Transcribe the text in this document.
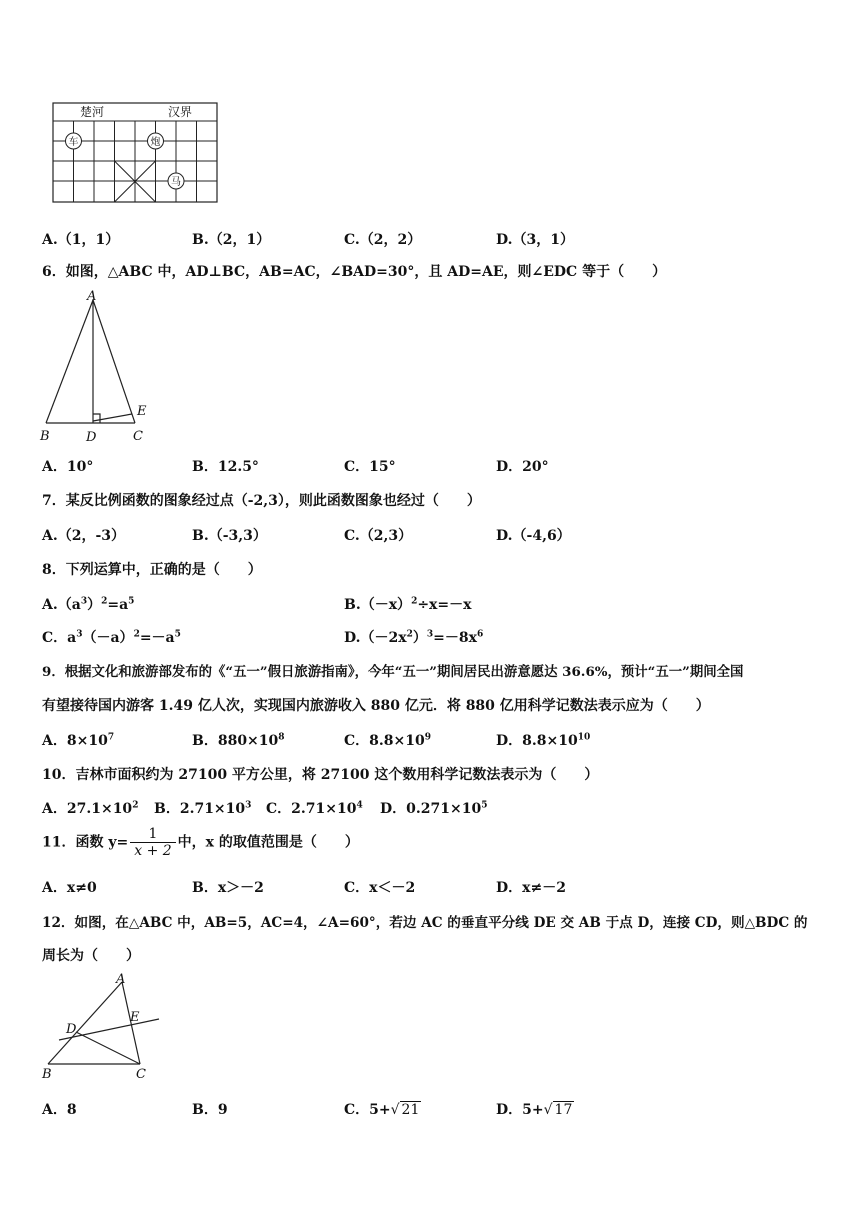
楚河	汉界
车	炮
马
A.（1，1）	B.（2，1）	C.（2，2）	D.（3，1）
6．如图，△ABC 中，AD⊥BC，AB=AC，∠BAD=30°，且 AD=AE，则∠EDC 等于（　　）
A
B	D	C
E
A．10°	B．12.5°	C．15°	D．20°
7．某反比例函数的图象经过点（-2,3），则此函数图象也经过（　　）
A.（2，-3）	B.（-3,3）	C.（2,3）	D.（-4,6）
8．下列运算中，正确的是（　　）
$A.(a^3)^2=a^5$	$B.(-x)^2\div x=-x$
C．$a^3(-a)^2=-a^5$	$D.(-2x^2)^3=-8x^6$
9．根据文化和旅游部发布的《“五一”假日旅游指南》，今年“五一”期间居民出游意愿达 36.6%，预计“五一”期间全国
有望接待国内游客 1.49 亿人次，实现国内旅游收入 880 亿元．将 880 亿用科学记数法表示应为（　　）
A．$8\times 10^7$	B．$880\times 10^8$	C．$8.8\times 10^9$	D．$8.8\times 10^{10}$
10．吉林市面积约为 27100 平方公里，将 27100 这个数用科学记数法表示为（　　）
A．$27.1\times 10^2$ B．$2.71\times 10^3$ C．$2.71\times 10^4$ D．$0.271\times 10^5$
11．函数 $y= \frac{1}{x + 2}$ 中，x 的取值范围是（　　）
A．x≠0	B．x＞－2	C．x＜－2	D．x≠－2
12．如图，在△ABC 中，AB=5，AC=4，∠A=60°，若边 AC 的垂直平分线 DE 交 AB 于点 D，连接 CD，则△BDC 的
周长为（　　）
A
E
D
B	C
A．8	B．9	C．5+√ 21	D．5+√ 17
